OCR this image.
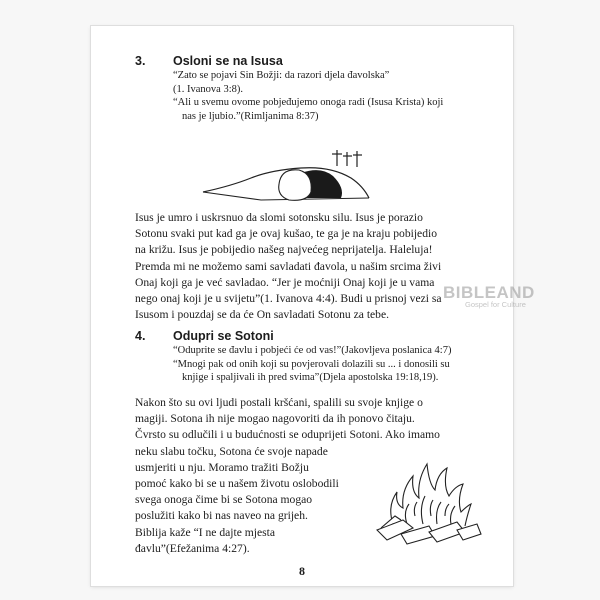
3. Osloni se na Isusa
“Zato se pojavi Sin Božji: da razori djela đavolska”
(1. Ivanova 3:8).
“Ali u svemu ovome pobjeđujemo onoga radi (Isusa Krista) koji
nas je ljubio.”(Rimljanima 8:37)
Isus je umro i uskrsnuo da slomi sotonsku silu. Isus je porazio
Sotonu svaki put kad ga je ovaj kušao, te ga je na kraju pobijedio
na križu. Isus je pobijedio našeg najvećeg neprijatelja. Haleluja!
Premda mi ne možemo sami savladati đavola, u našim srcima živi
Onaj koji ga je već savladao. “Jer je moćniji Onaj koji je u vama
nego onaj koji je u svijetu”(1. Ivanova 4:4). Budi u prisnoj vezi sa
Isusom i pouzdaj se da će On savladati Sotonu za tebe.
BIBLEAND
Gospel for Culture
4. Odupri se Sotoni
“Oduprite se đavlu i pobjeći će od vas!”(Jakovljeva poslanica 4:7)
“Mnogi pak od onih koji su povjerovali dolazili su ... i donosili su
knjige i spaljivali ih pred svima”(Djela apostolska 19:18,19).
Nakon što su ovi ljudi postali kršćani, spalili su svoje knjige o
magiji. Sotona ih nije mogao nagovoriti da ih ponovo čitaju.
Čvrsto su odlučili i u budućnosti se oduprijeti Sotoni. Ako imamo
neku slabu točku, Sotona će svoje napade
usmjeriti u nju. Moramo tražiti Božju
pomoć kako bi se u našem životu oslobodili
svega onoga čime bi se Sotona mogao
poslužiti kako bi nas naveo na grijeh.
Biblija kaže “I ne dajte mjesta
đavlu”(Efežanima 4:27).
8
